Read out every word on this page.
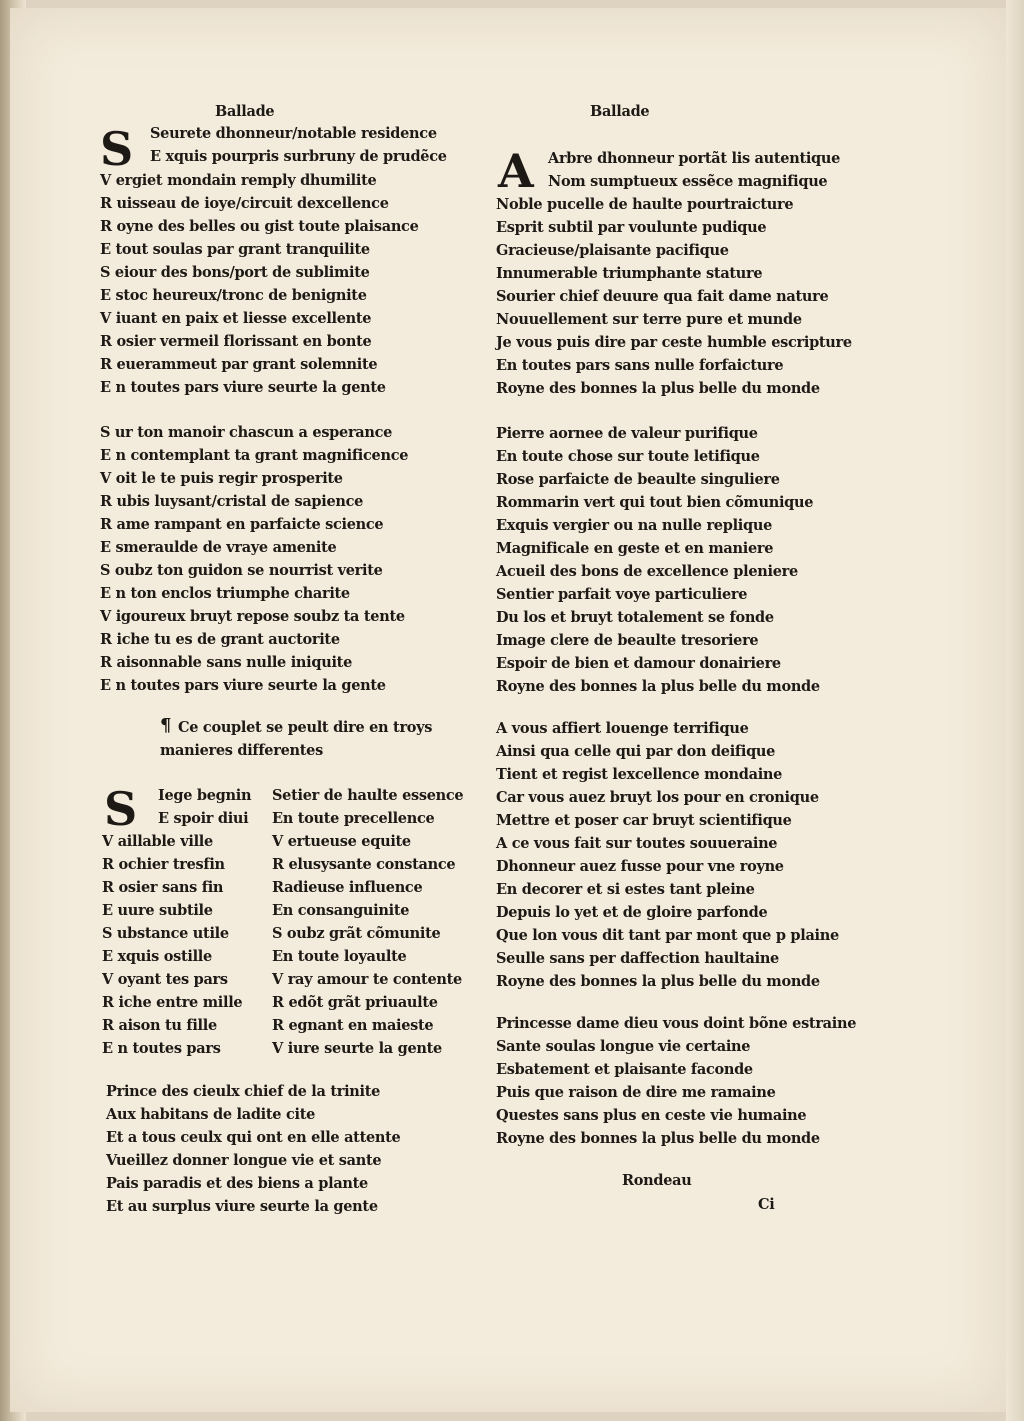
Ballade
S Seurete dhonneur/notable residence
E xquis pourpris surbruny de prudẽce
V ergiet mondain remply dhumilite
R uisseau de ioye/circuit dexcellence
R oyne des belles ou gist toute plaisance
E tout soulas par grant tranquilite
S eiour des bons/port de sublimite
E stoc heureux/tronc de benignite
V iuant en paix et liesse excellente
R osier vermeil florissant en bonte
R euerammeut par grant solemnite
E n toutes pars viure seurte la gente
S ur ton manoir chascun a esperance
E n contemplant ta grant magnificence
V oit le te puis regir prosperite
R ubis luysant/cristal de sapience
R ame rampant en parfaicte science
E smeraulde de vraye amenite
S oubz ton guidon se nourrist verite
E n ton enclos triumphe charite
V igoureux bruyt repose soubz ta tente
R iche tu es de grant auctorite
R aisonnable sans nulle iniquite
E n toutes pars viure seurte la gente
¶ Ce couplet se peult dire en troys
manieres differentes
S Iege begnin
E spoir diui
V aillable ville
R ochier tresfin
R osier sans fin
E uure subtile
S ubstance utile
E xquis ostille
V oyant tes pars
R iche entre mille
R aison tu fille
E n toutes pars
Setier de haulte essence
En toute precellence
V ertueuse equite
R elusysante constance
Radieuse influence
En consanguinite
S oubz grãt cõmunite
En toute loyaulte
V ray amour te contente
R edõt grãt priuaulte
R egnant en maieste
V iure seurte la gente
Prince des cieulx chief de la trinite
Aux habitans de ladite cite
Et a tous ceulx qui ont en elle attente
Vueillez donner longue vie et sante
Pais paradis et des biens a plante
Et au surplus viure seurte la gente
Ballade
A Arbre dhonneur portãt lis autentique
Nom sumptueux essẽce magnifique
Noble pucelle de haulte pourtraicture
Esprit subtil par voulunte pudique
Gracieuse/plaisante pacifique
Innumerable triumphante stature
Sourier chief deuure qua fait dame nature
Nouuellement sur terre pure et munde
Je vous puis dire par ceste humble escripture
En toutes pars sans nulle forfaicture
Royne des bonnes la plus belle du monde
Pierre aornee de valeur purifique
En toute chose sur toute letifique
Rose parfaicte de beaulte singuliere
Rommarin vert qui tout bien cõmunique
Exquis vergier ou na nulle replique
Magnificale en geste et en maniere
Acueil des bons de excellence pleniere
Sentier parfait voye particuliere
Du los et bruyt totalement se fonde
Image clere de beaulte tresoriere
Espoir de bien et damour donairiere
Royne des bonnes la plus belle du monde
A vous affiert louenge terrifique
Ainsi qua celle qui par don deifique
Tient et regist lexcellence mondaine
Car vous auez bruyt los pour en cronique
Mettre et poser car bruyt scientifique
A ce vous fait sur toutes souueraine
Dhonneur auez fusse pour vne royne
En decorer et si estes tant pleine
Depuis lo yet et de gloire parfonde
Que lon vous dit tant par mont que p plaine
Seulle sans per daffection haultaine
Royne des bonnes la plus belle du monde
Princesse dame dieu vous doint bõne estraine
Sante soulas longue vie certaine
Esbatement et plaisante faconde
Puis que raison de dire me ramaine
Questes sans plus en ceste vie humaine
Royne des bonnes la plus belle du monde
Rondeau
Ci
